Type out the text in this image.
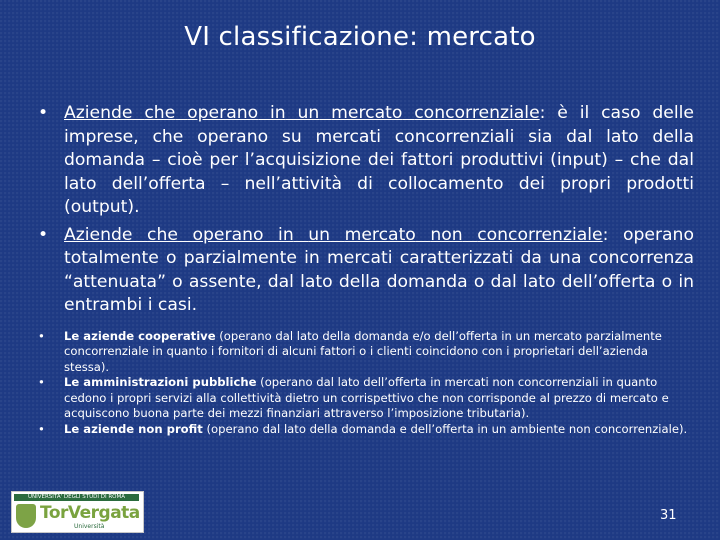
VI classificazione: mercato
• Aziende che operano in un mercato concorrenziale: è il caso delle imprese, che operano su mercati concorrenziali sia dal lato della domanda – cioè per l’acquisizione dei fattori produttivi (input) – che dal lato dell’offerta – nell’attività di collocamento dei propri prodotti (output).
• Aziende che operano in un mercato non concorrenziale: operano totalmente o parzialmente in mercati caratterizzati da una concorrenza “attenuata” o assente, dal lato della domanda o dal lato dell’offerta o in entrambi i casi.
• Le aziende cooperative (operano dal lato della domanda e/o dell’offerta in un mercato parzialmente concorrenziale in quanto i fornitori di alcuni fattori o i clienti coincidono con i proprietari dell’azienda stessa).
• Le amministrazioni pubbliche (operano dal lato dell’offerta in mercati non concorrenziali in quanto cedono i propri servizi alla collettività dietro un corrispettivo che non corrisponde al prezzo di mercato e acquiscono buona parte dei mezzi finanziari attraverso l’imposizione tributaria).
• Le aziende non profit (operano dal lato della domanda e dell’offerta in un ambiente non concorrenziale).
UNIVERSITA' DEGLI STUDI DI ROMA
TorVergata
Università
31
